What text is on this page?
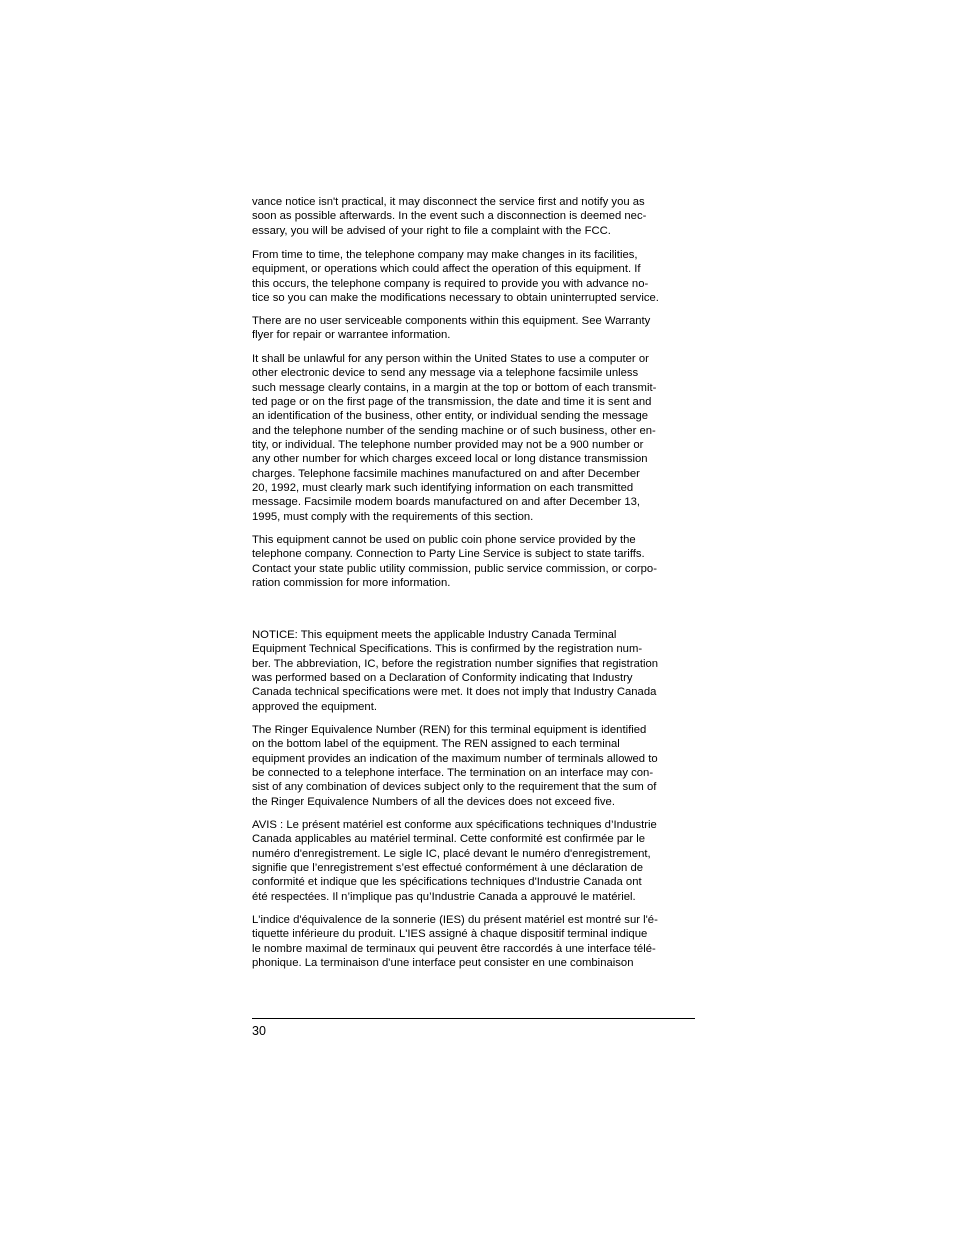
vance notice isn't practical, it may disconnect the service first and notify you as
soon as possible afterwards. In the event such a disconnection is deemed nec-
essary, you will be advised of your right to file a complaint with the FCC.
From time to time, the telephone company may make changes in its facilities,
equipment, or operations which could affect the operation of this equipment. If
this occurs, the telephone company is required to provide you with advance no-
tice so you can make the modifications necessary to obtain uninterrupted service.
There are no user serviceable components within this equipment. See Warranty
flyer for repair or warrantee information.
It shall be unlawful for any person within the United States to use a computer or
other electronic device to send any message via a telephone facsimile unless
such message clearly contains, in a margin at the top or bottom of each transmit-
ted page or on the first page of the transmission, the date and time it is sent and
an identification of the business, other entity, or individual sending the message
and the telephone number of the sending machine or of such business, other en-
tity, or individual. The telephone number provided may not be a 900 number or
any other number for which charges exceed local or long distance transmission
charges. Telephone facsimile machines manufactured on and after December
20, 1992, must clearly mark such identifying information on each transmitted
message. Facsimile modem boards manufactured on and after December 13,
1995, must comply with the requirements of this section.
This equipment cannot be used on public coin phone service provided by the
telephone company. Connection to Party Line Service is subject to state tariffs.
Contact your state public utility commission, public service commission, or corpo-
ration commission for more information.
NOTICE: This equipment meets the applicable Industry Canada Terminal
Equipment Technical Specifications. This is confirmed by the registration num-
ber. The abbreviation, IC, before the registration number signifies that registration
was performed based on a Declaration of Conformity indicating that Industry
Canada technical specifications were met. It does not imply that Industry Canada
approved the equipment.
The Ringer Equivalence Number (REN) for this terminal equipment is identified
on the bottom label of the equipment. The REN assigned to each terminal
equipment provides an indication of the maximum number of terminals allowed to
be connected to a telephone interface. The termination on an interface may con-
sist of any combination of devices subject only to the requirement that the sum of
the Ringer Equivalence Numbers of all the devices does not exceed five.
AVIS : Le présent matériel est conforme aux spécifications techniques d’Industrie
Canada applicables au matériel terminal. Cette conformité est confirmée par le
numéro d'enregistrement. Le sigle IC, placé devant le numéro d'enregistrement,
signifie que l’enregistrement s’est effectué conformément à une déclaration de
conformité et indique que les spécifications techniques d'Industrie Canada ont
été respectées. Il n’implique pas qu’Industrie Canada a approuvé le matériel.
L'indice d'équivalence de la sonnerie (IES) du présent matériel est montré sur l'é-
tiquette inférieure du produit. L'IES assigné à chaque dispositif terminal indique
le nombre maximal de terminaux qui peuvent être raccordés à une interface télé-
phonique. La terminaison d'une interface peut consister en une combinaison
30
